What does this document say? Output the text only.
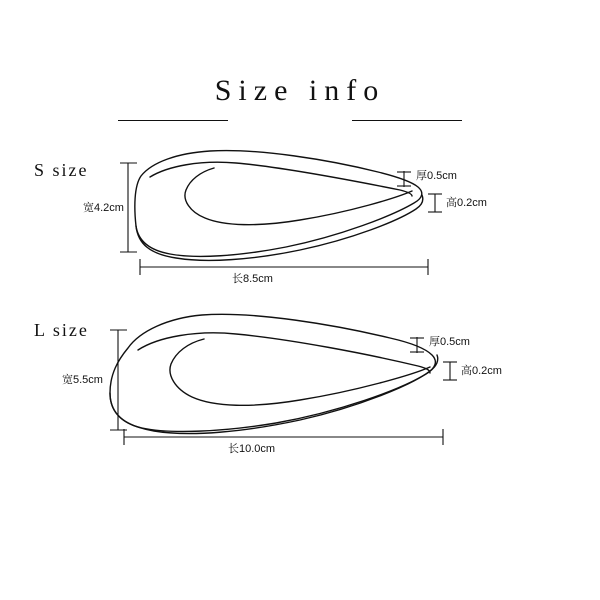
Size info
S size
宽4.2cm
长8.5cm
厚0.5cm
高0.2cm
L size
宽5.5cm
长10.0cm
厚0.5cm
高0.2cm
